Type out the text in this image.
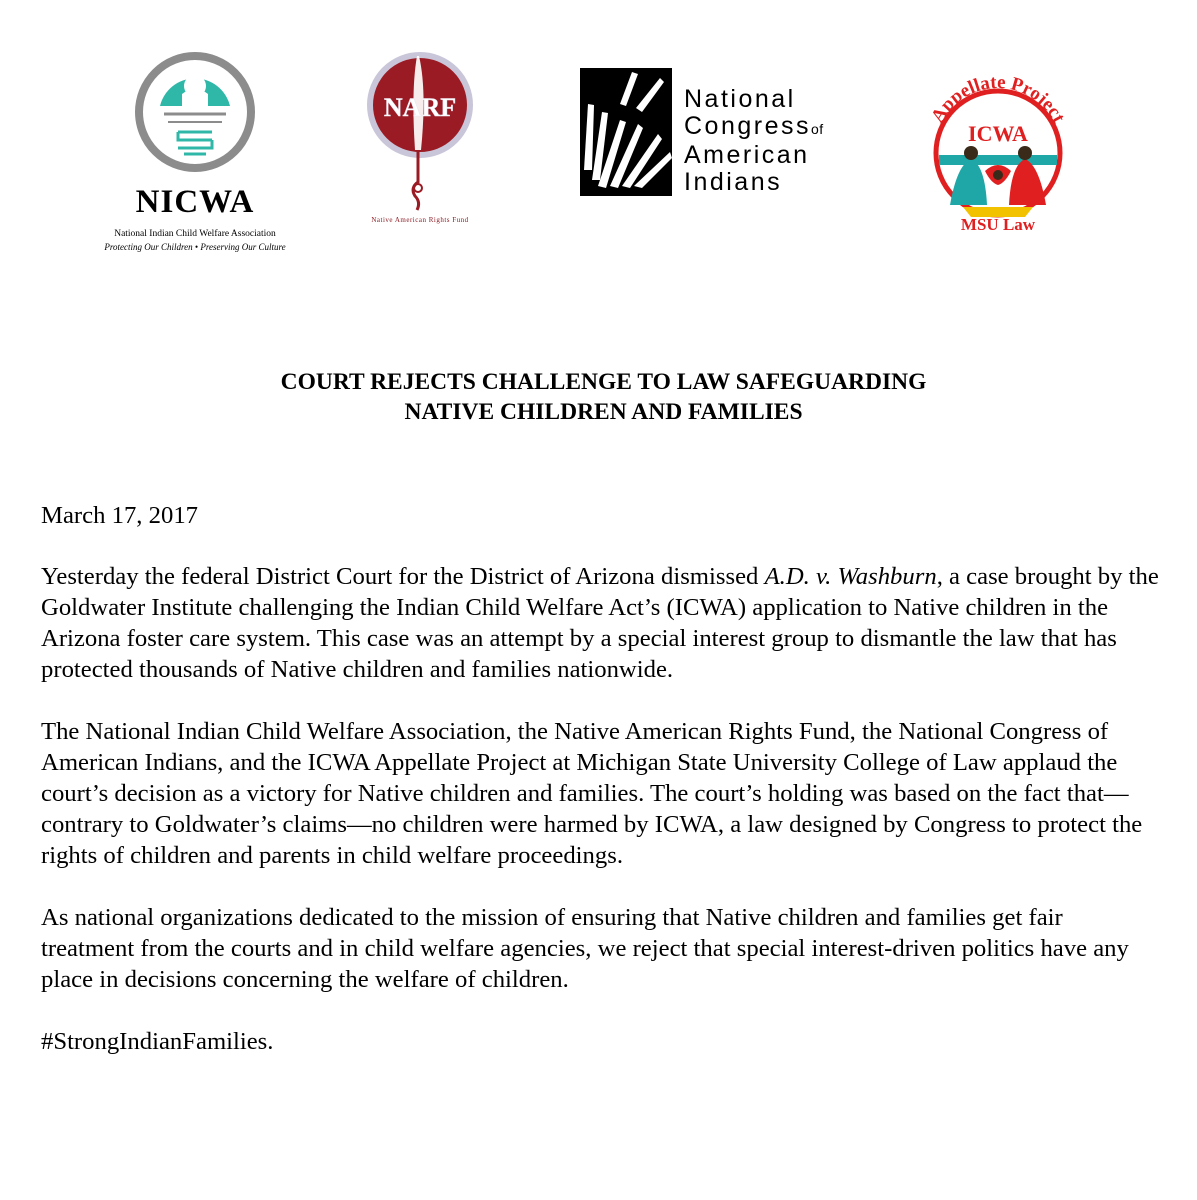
NICWA
National Indian Child Welfare Association
Protecting Our Children • Preserving Our Culture
NARF
Native American Rights Fund
National
Congressof
American
Indians
Appellate Project
ICWA
MSU Law
COURT REJECTS CHALLENGE TO LAW SAFEGUARDING
NATIVE CHILDREN AND FAMILIES

March 17, 2017

Yesterday the federal District Court for the District of Arizona dismissed A.D. v. Washburn, a case brought by the Goldwater Institute challenging the Indian Child Welfare Act’s (ICWA) application to Native children in the Arizona foster care system. This case was an attempt by a special interest group to dismantle the law that has protected thousands of Native children and families nationwide.

The National Indian Child Welfare Association, the Native American Rights Fund, the National Congress of American Indians, and the ICWA Appellate Project at Michigan State University College of Law applaud the court’s decision as a victory for Native children and families. The court’s holding was based on the fact that—contrary to Goldwater’s claims—no children were harmed by ICWA, a law designed by Congress to protect the rights of children and parents in child welfare proceedings.

As national organizations dedicated to the mission of ensuring that Native children and families get fair treatment from the courts and in child welfare agencies, we reject that special interest-driven politics have any place in decisions concerning the welfare of children.

#StrongIndianFamilies.
